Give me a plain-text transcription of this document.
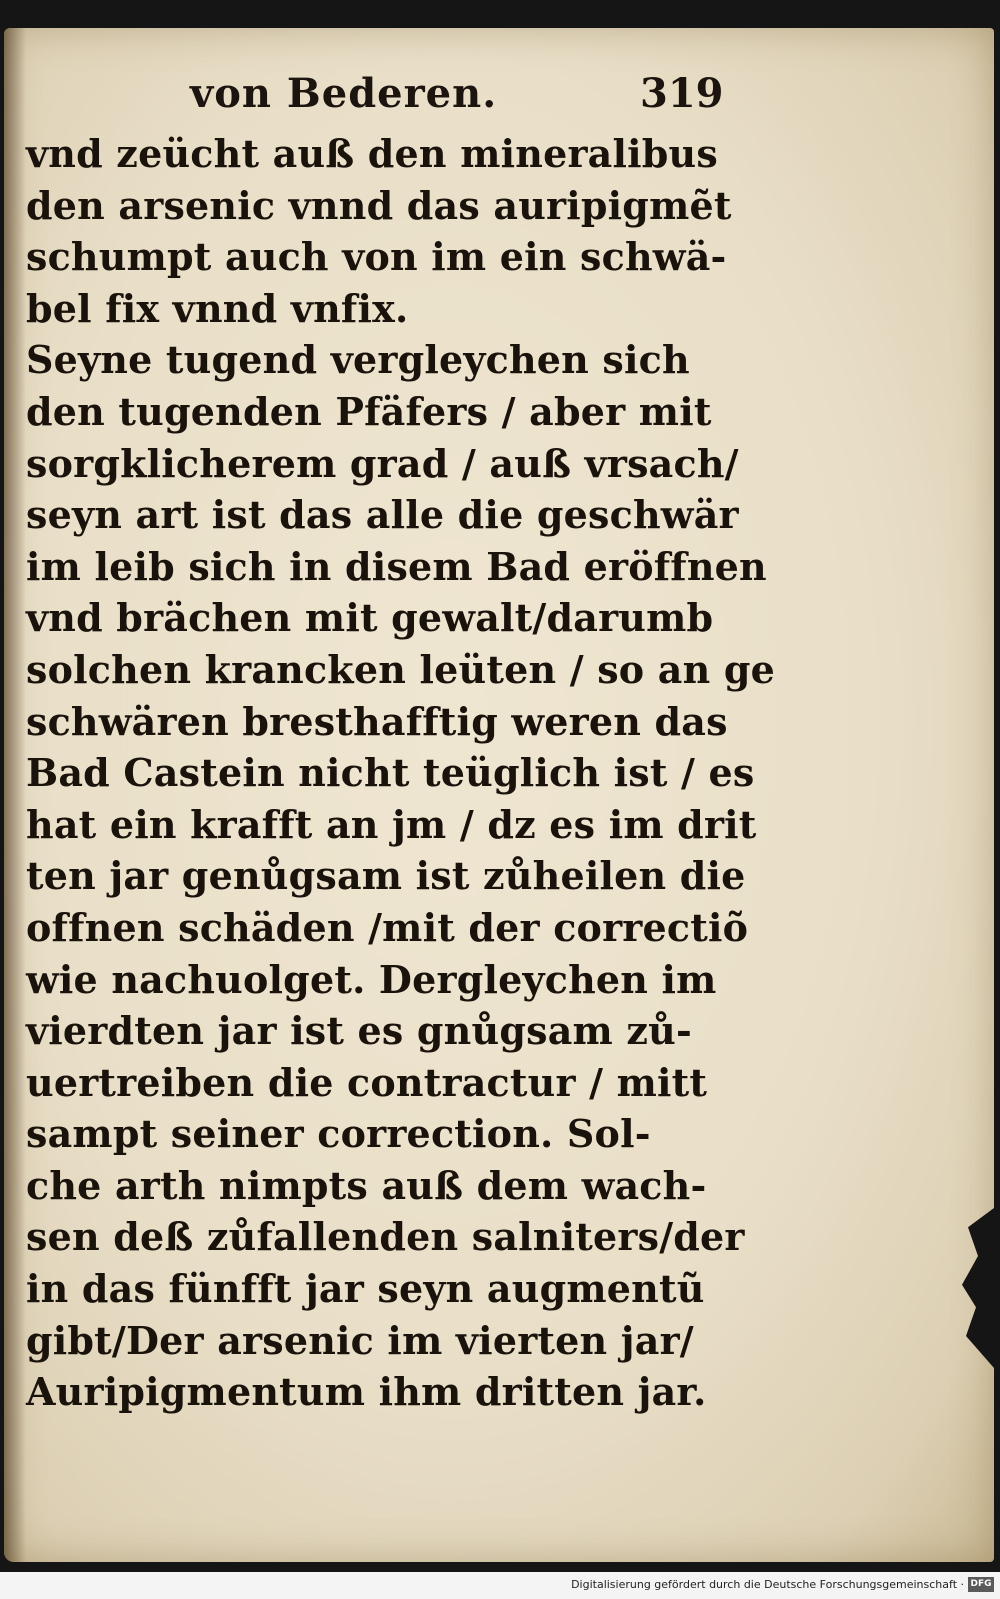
von Bederen.	319
vnd zeücht auß den mineralibus
den arsenic vnnd das auripigmẽt
schumpt auch von im ein schwä-
bel fix vnnd vnfix.
Seyne tugend vergleychen sich
den tugenden Pfäfers / aber mit
sorgklicherem grad / auß vrsach/
seyn art ist das alle die geschwär
im leib sich in disem Bad eröffnen
vnd brächen mit gewalt/darumb
solchen krancken leüten / so an ge
schwären bresthafftig weren das
Bad Castein nicht teüglich ist / es
hat ein krafft an jm / dz es im drit
ten jar genůgsam ist zůheilen die
offnen schäden /mit der correctiõ
wie nachuolget. Dergleychen im
vierdten jar ist es gnůgsam zů-
uertreiben die contractur / mitt
sampt seiner correction. Sol-
che arth nimpts auß dem wach-
sen deß zůfallenden salniters/der
in das fünfft jar seyn augmentũ
gibt/Der arsenic im vierten jar/
Auripigmentum ihm dritten jar.
Digitalisierung gefördert durch die Deutsche Forschungsgemeinschaft · DFG
